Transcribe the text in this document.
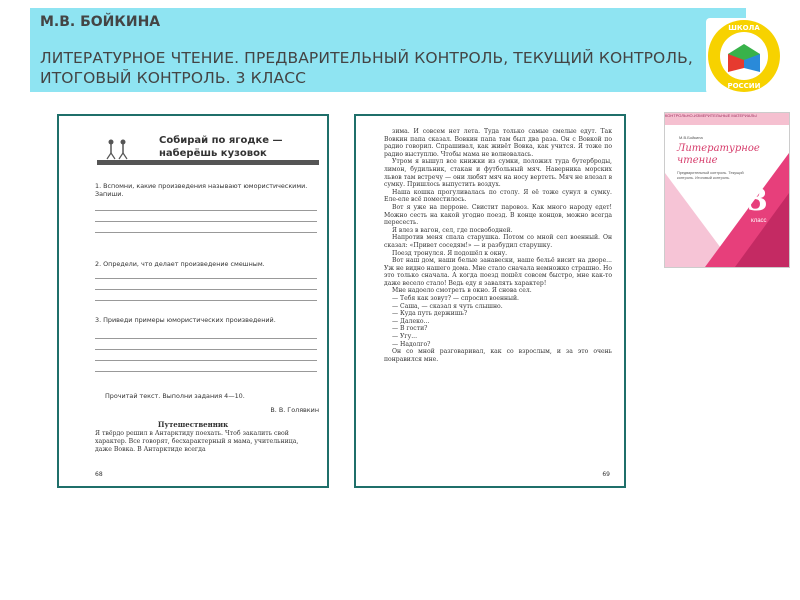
М.В. БОЙКИНА
ЛИТЕРАТУРНОЕ ЧТЕНИЕ. ПРЕДВАРИТЕЛЬНЫЙ КОНТРОЛЬ, ТЕКУЩИЙ КОНТРОЛЬ, ИТОГОВЫЙ КОНТРОЛЬ. 3 КЛАСС
ШКОЛА
РОССИИ
Собирай по ягодке —
наберёшь кузовок
1. Вспомни, какие произведения называют юмористическими. Запиши.
2. Определи, что делает произведение смешным.
3. Приведи примеры юмористических произведений.
Прочитай текст. Выполни задания 4—10.
В. В. Голявкин
Путешественник
Я твёрдо решил в Антарктиду поехать. Чтоб закалить свой характер. Все говорят, бесхарактерный я мама, учительница, даже Вовка. В Антарктиде всегда
68

зима. И совсем нет лета. Туда только самые смелые едут. Так Вовкин папа сказал. Вовкин папа там был два раза. Он с Вовкой по радио говорил. Спрашивал, как живёт Вовка, как учится. Я тоже по радио выступлю. Чтобы мама не волновалась.

Утром я вышул все книжки из сумки, положил туда бутерброды, лимон, будильник, стакан и футбольный мяч. Наверника морских львов там встречу — они любят мяч на носу вертеть. Мяч не влезал в сумку. Пришлось выпустить воздух.

Наша кошка прогуливалась по столу. Я её тоже сунул в сумку. Еле-еле всё поместилось.

Вот я уже на перроне. Свистит паровоз. Как много народу едет! Можно сесть на какой угодно поезд. В конце концов, можно всегда пересесть.

Я влез в вагон, сел, где посвободней.

Напротив меня спала старушка. Потом со мной сел военный. Он сказал: «Привет соседям!» — и разбудил старушку.

Поезд тронулся. Я подошёл к окну.

Вот наш дом, наши белые занавески, наше бельё висит на дворе... Уж не видно нашего дома. Мне стало сначала немножко страшно. Но это только сначала. А когда поезд пошёл совсем быстро, мне как-то даже весело стало! Ведь еду я завалять характер!

Мне надоело смотреть в окно. Я снова сел.

— Тебя как зовут? — спросил военный.

— Саша, — сказал я чуть слышно.

— Куда путь держишь?

— Далеко...

— В гости?

— Угу...

— Надолго?

Он со мной разговаривал, как со взрослым, и за это очень понравился мне.

69
КОНТРОЛЬНО-ИЗМЕРИТЕЛЬНЫЕ МАТЕРИАЛЫ
М.В.Бойкина
Литературное
чтение
Предварительный контроль. Текущий контроль. Итоговый контроль.
3
класс
